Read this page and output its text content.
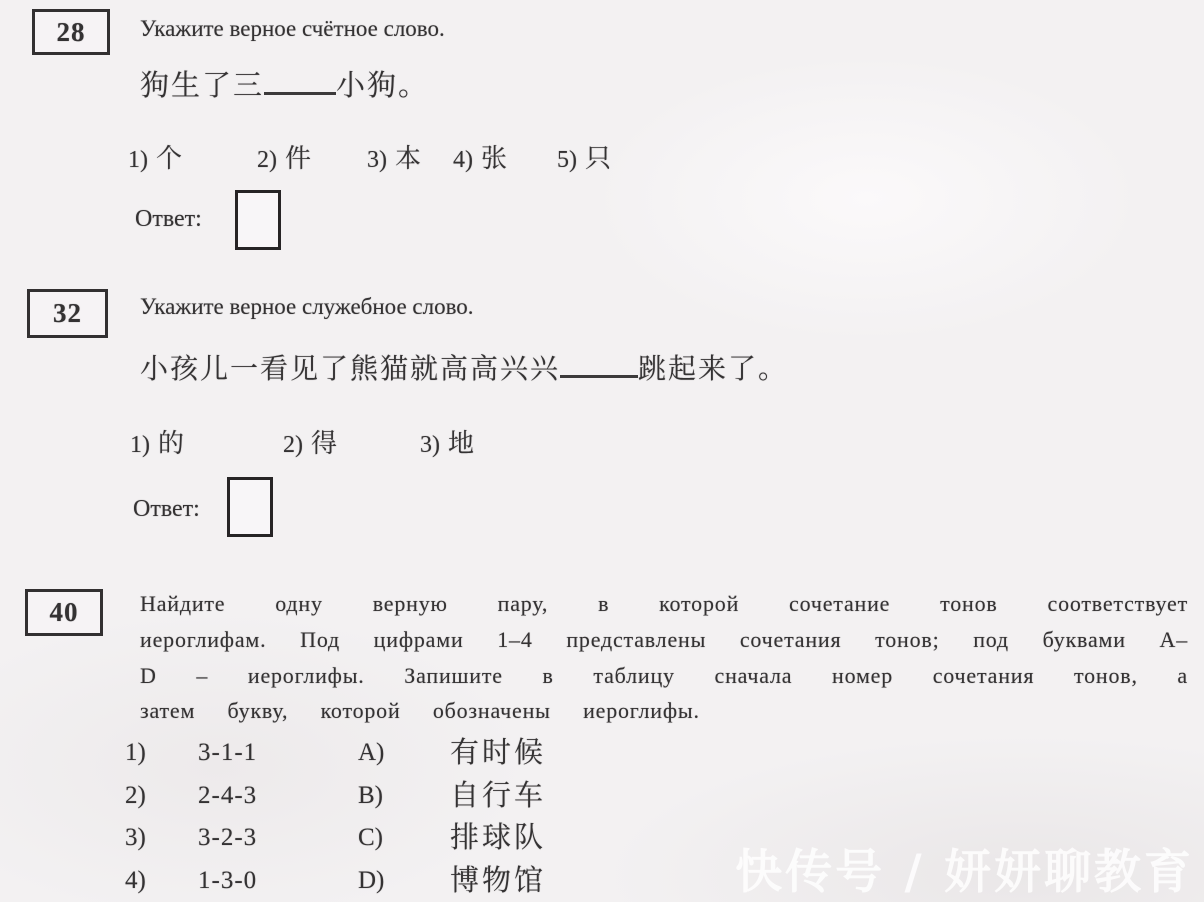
28 Укажите верное счётное слово.
狗生了三 小狗。
1) 个	2) 件 3) 本 4) 张 5) 只
Ответ:
32	Укажите верное служебное слово.
小孩儿一看见了熊猫就高高兴兴	跳起来了。
1) 的	2) 得	3) 地
Ответ:
40	Найдите одну верную пару, в которой сочетание тонов соответствует иероглифам. Под цифрами 1–4 представлены сочетания тонов; под буквами A–D – иероглифы. Запишите в таблицу сначала номер сочетания тонов, а затем букву, которой обозначены иероглифы.
1)	3-1-1	A)	有时候
2)	2-4-3	B)	自行车
3)	3-2-3	C)	排球队
4)	1-3-0	D)	博物馆	快传号 / 妍妍聊教育
